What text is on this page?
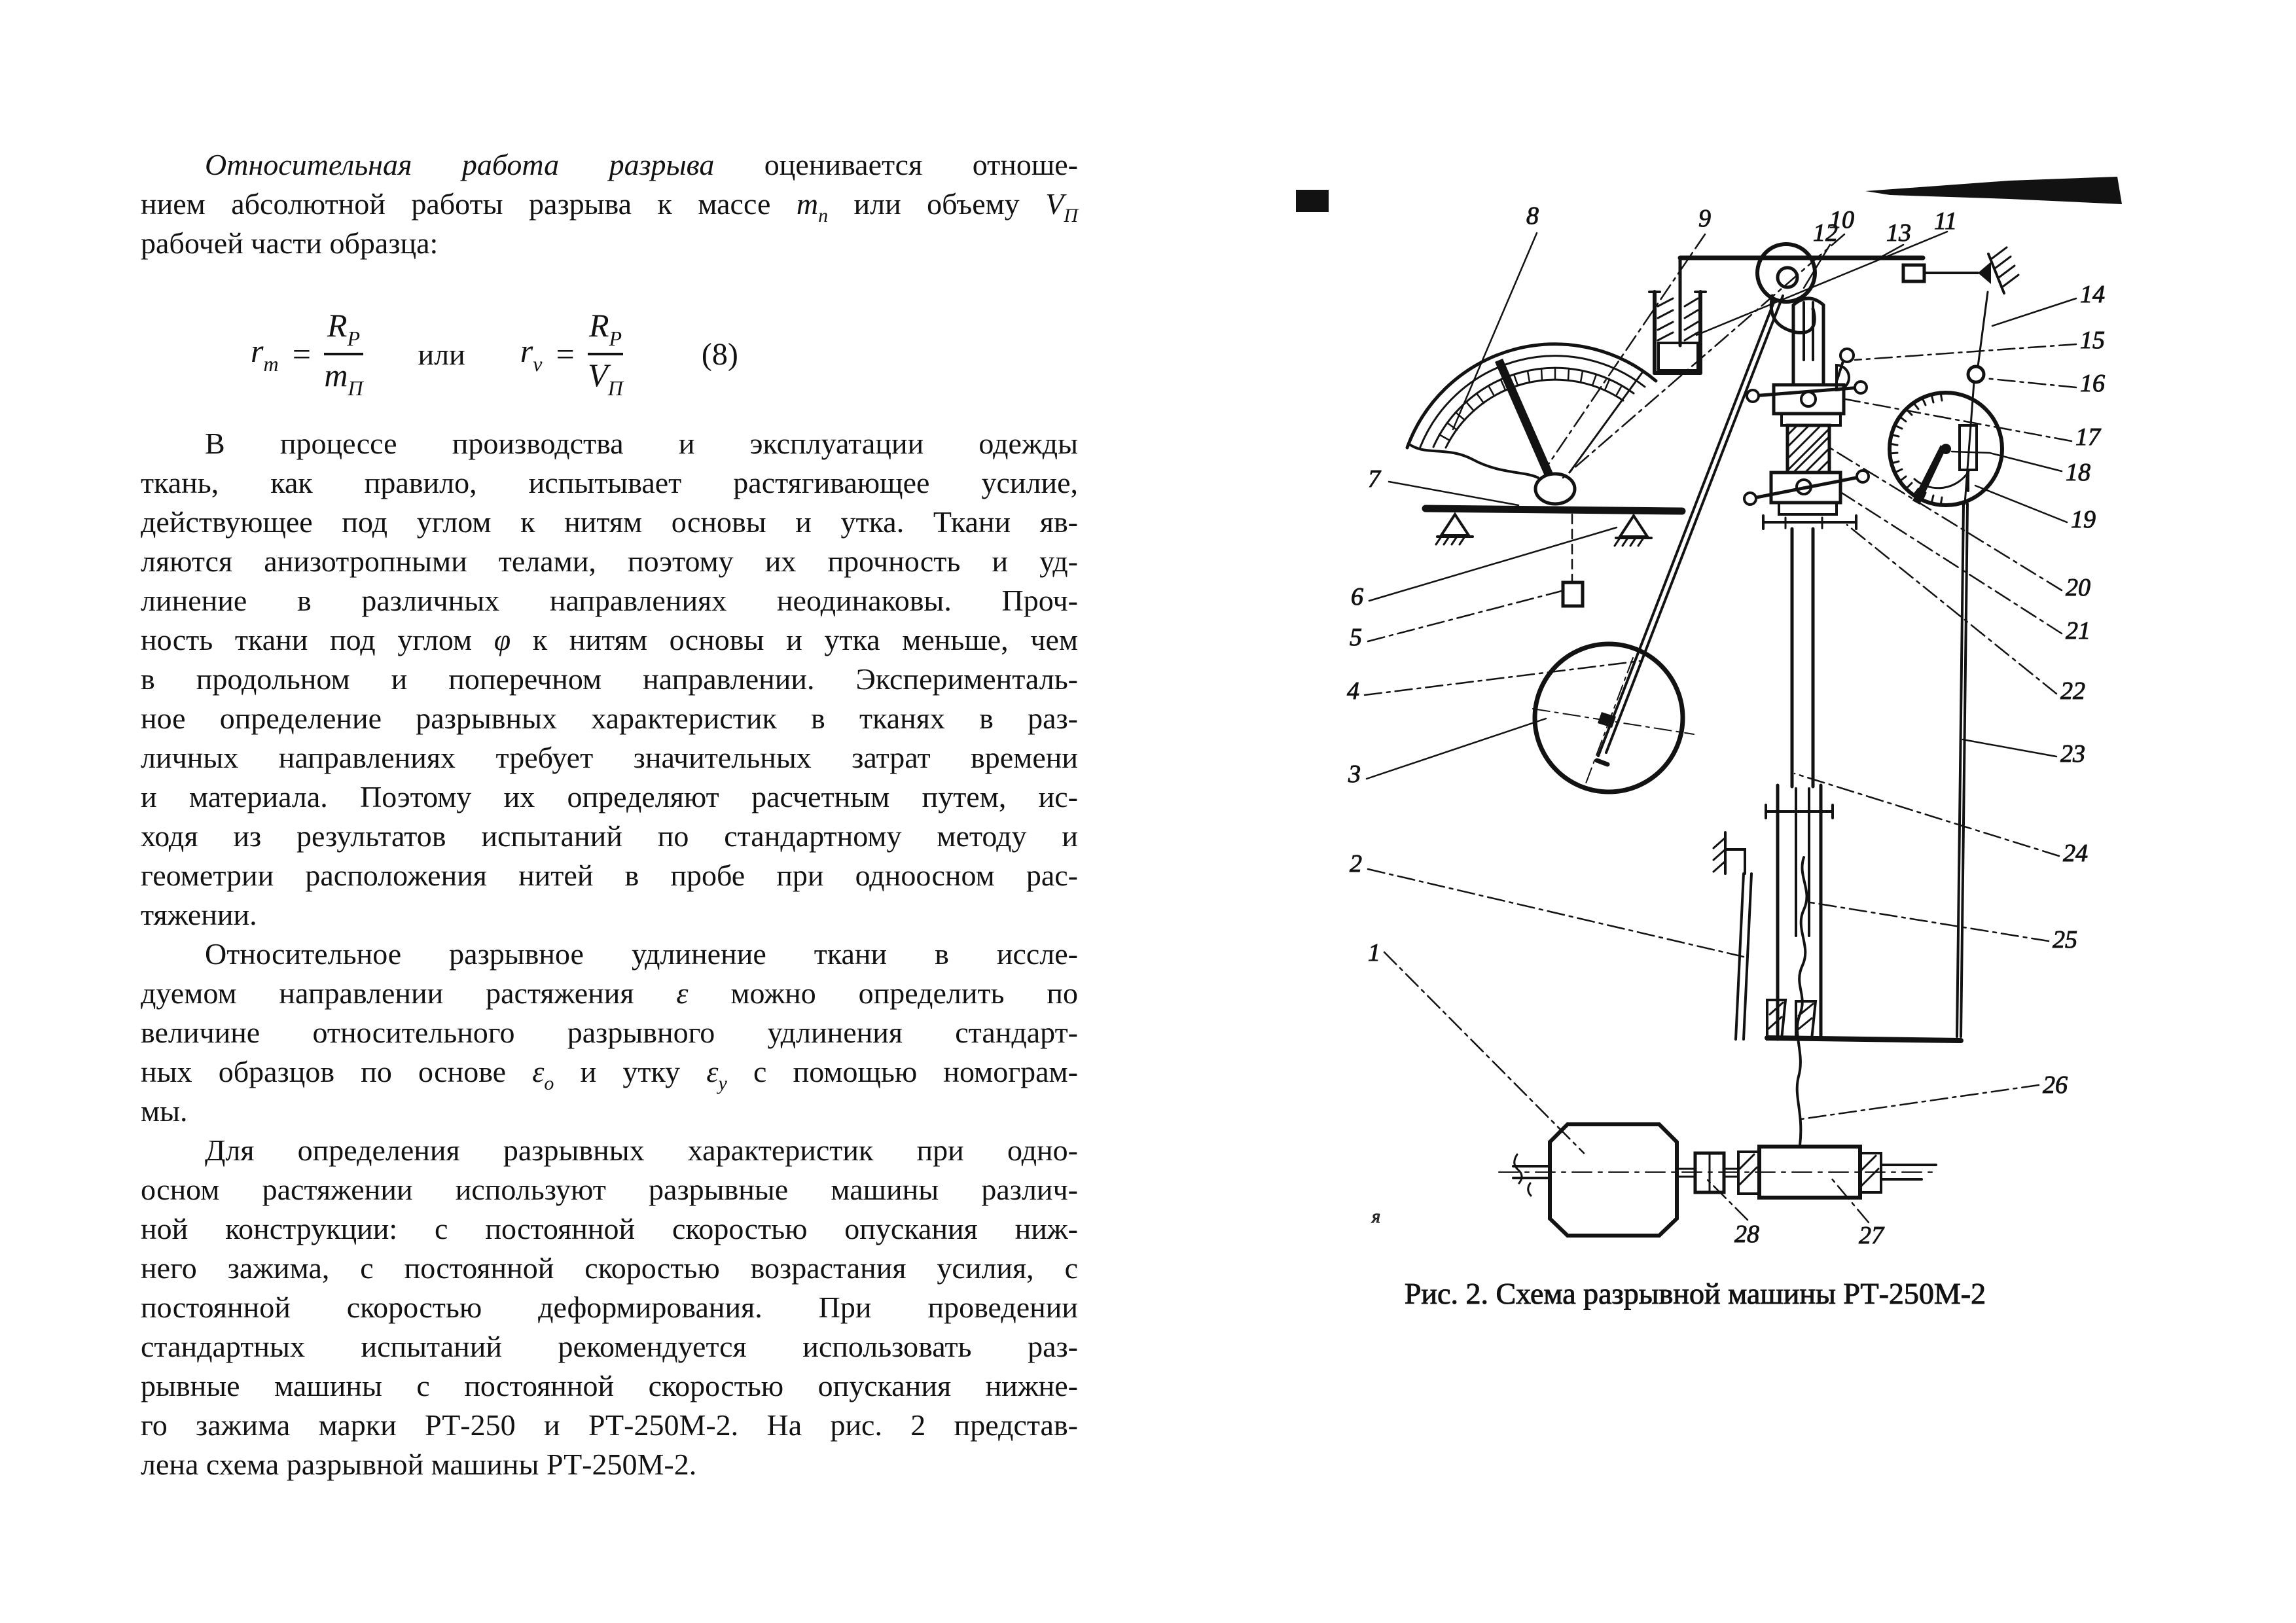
Относительная работа разрыва оценивается отноше-
нием абсолютной работы разрыва к массе $m_п$ или объему $V_П$
рабочей части образца:
$r_m = \frac{R_P}{m_П}$ или $r_v = \frac{R_P}{V_П}$	(8)
В процессе производства и эксплуатации одежды
ткань, как правило, испытывает растягивающее усилие,
действующее под углом к нитям основы и утка. Ткани яв-
ляются анизотропными телами, поэтому их прочность и уд-
линение в различных направлениях неодинаковы. Проч-
ность ткани под углом φ к нитям основы и утка меньше, чем
в продольном и поперечном направлении. Эксперименталь-
ное определение разрывных характеристик в тканях в раз-
личных направлениях требует значительных затрат времени
и материала. Поэтому их определяют расчетным путем, ис-
ходя из результатов испытаний по стандартному методу и
геометрии расположения нитей в пробе при одноосном рас-
тяжении.
Относительное разрывное удлинение ткани в иссле-
дуемом направлении растяжения ε можно определить по
величине относительного разрывного удлинения стандарт-
ных образцов по основе $\varepsilon_о$ и утку $\varepsilon_у$ с помощью номограм-
мы.
Для определения разрывных характеристик при одно-
осном растяжении используют разрывные машины различ-
ной конструкции: с постоянной скоростью опускания ниж-
него зажима, с постоянной скоростью возрастания усилия, с
постоянной скоростью деформирования. При проведении
стандартных испытаний рекомендуется использовать раз-
рывные машины с постоянной скоростью опускания нижне-
го зажима марки РТ-250 и РТ-250М-2. На рис. 2 представ-
лена схема разрывной машины РТ-250М-2.
1
2
3
4
5
6
7
8	9	10	11
12 13
14
15
16
17
18
19
20
21
22
23
24
25
26
27
28
я
Рис. 2. Схема разрывной машины РТ-250М-2
